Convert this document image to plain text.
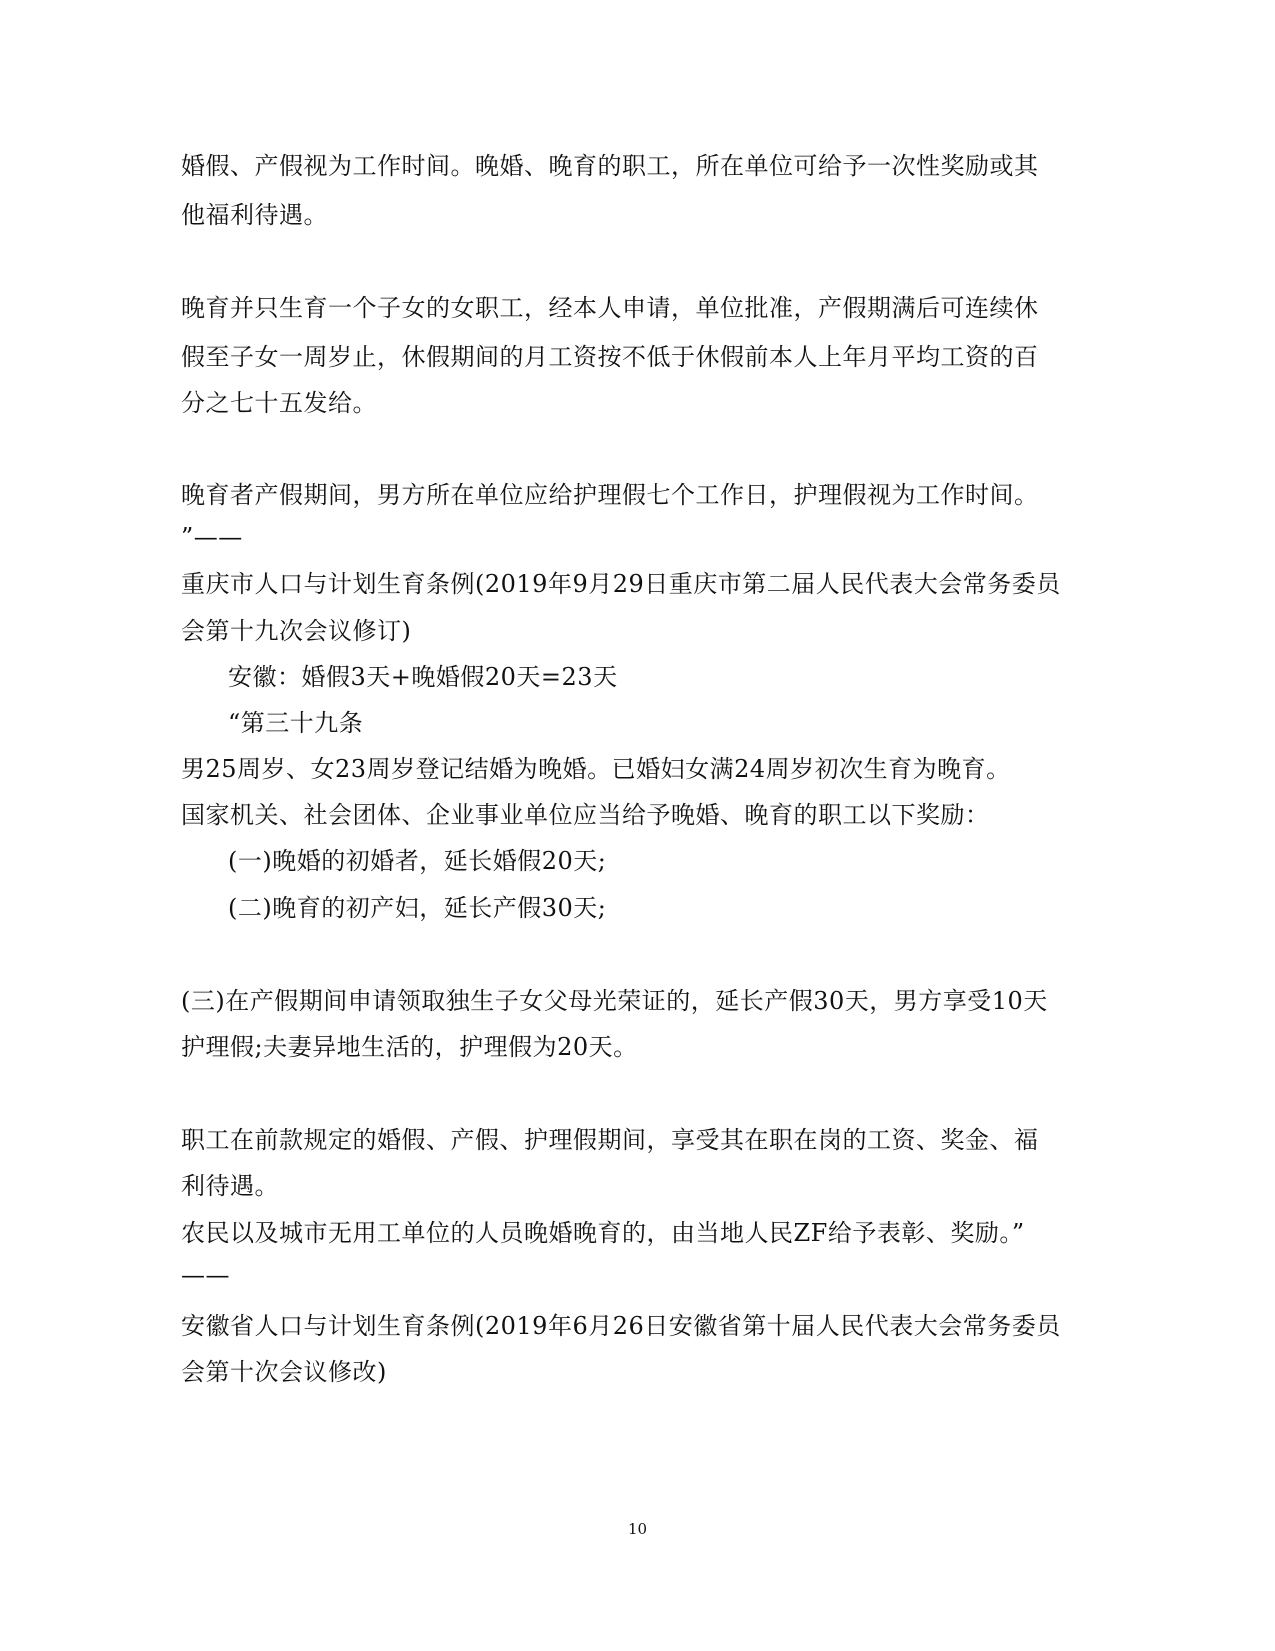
婚假、产假视为工作时间。晚婚、晚育的职工，所在单位可给予一次性奖励或其
他福利待遇。
晚育并只生育一个子女的女职工，经本人申请，单位批准，产假期满后可连续休
假至子女一周岁止，休假期间的月工资按不低于休假前本人上年月平均工资的百
分之七十五发给。
晚育者产假期间，男方所在单位应给护理假七个工作日，护理假视为工作时间。
”——
重庆市人口与计划生育条例(2019年9月29日重庆市第二届人民代表大会常务委员
会第十九次会议修订)
安徽：婚假3天+晚婚假20天=23天
“第三十九条
男25周岁、女23周岁登记结婚为晚婚。已婚妇女满24周岁初次生育为晚育。
国家机关、社会团体、企业事业单位应当给予晚婚、晚育的职工以下奖励：
(一)晚婚的初婚者，延长婚假20天;
(二)晚育的初产妇，延长产假30天;
(三)在产假期间申请领取独生子女父母光荣证的，延长产假30天，男方享受10天
护理假;夫妻异地生活的，护理假为20天。
职工在前款规定的婚假、产假、护理假期间，享受其在职在岗的工资、奖金、福
利待遇。
农民以及城市无用工单位的人员晚婚晚育的，由当地人民ZF给予表彰、奖励。”
——
安徽省人口与计划生育条例(2019年6月26日安徽省第十届人民代表大会常务委员
会第十次会议修改)
10
